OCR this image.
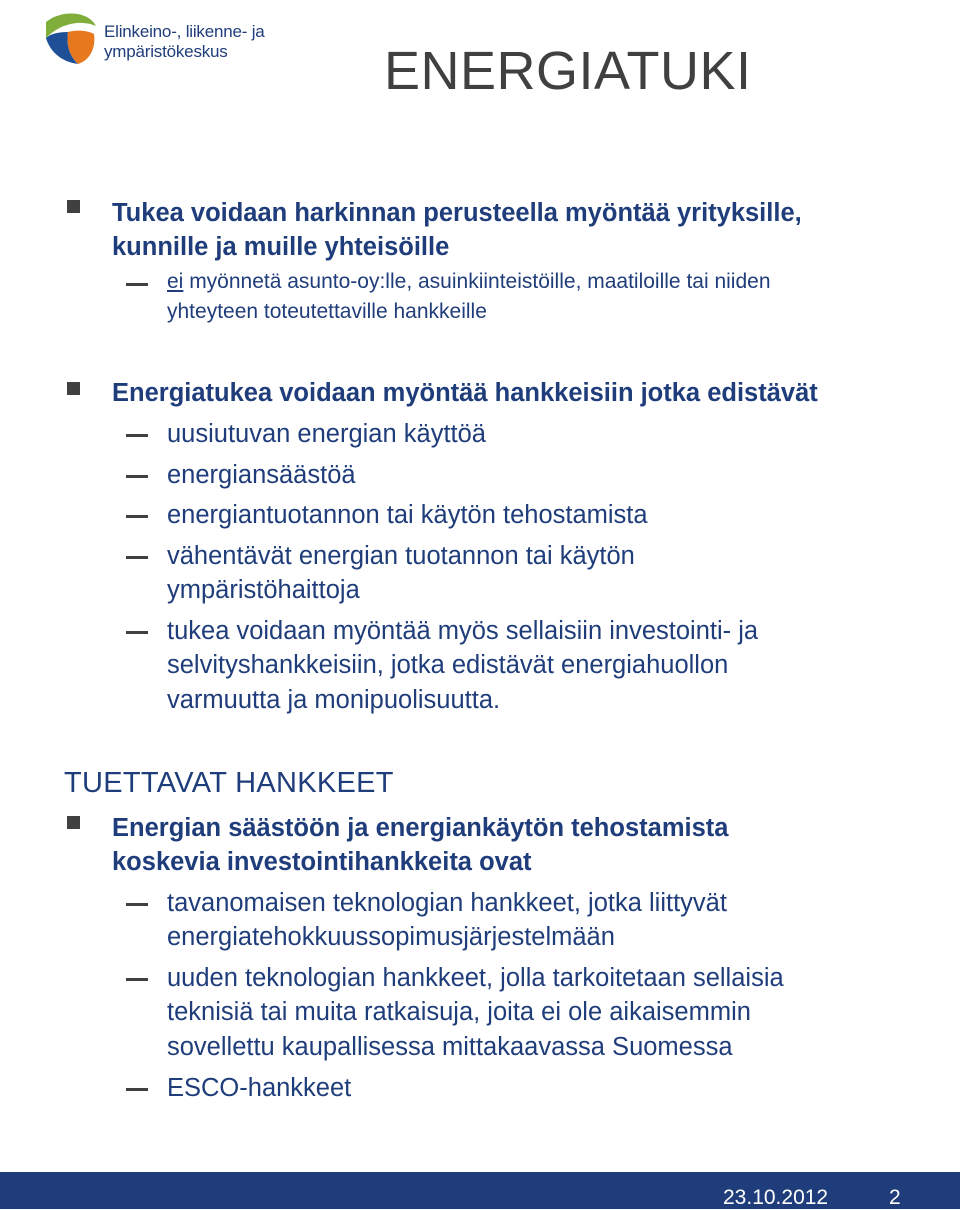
Elinkeino-, liikenne- ja
ympäristökeskus	ENERGIATUKI
Tukea voidaan harkinnan perusteella myöntää yrityksille,
kunnille ja muille yhteisöille
ei myönnetä asunto-oy:lle, asuinkiinteistöille, maatiloille tai niiden
yhteyteen toteutettaville hankkeille
Energiatukea voidaan myöntää hankkeisiin jotka edistävät
uusiutuvan energian käyttöä
energiansäästöä
energiantuotannon tai käytön tehostamista
vähentävät energian tuotannon tai käytön
ympäristöhaittoja
tukea voidaan myöntää myös sellaisiin investointi- ja
selvityshankkeisiin, jotka edistävät energiahuollon
varmuutta ja monipuolisuutta.
TUETTAVAT HANKKEET
Energian säästöön ja energiankäytön tehostamista
koskevia investointihankkeita ovat
tavanomaisen teknologian hankkeet, jotka liittyvät
energiatehokkuussopimusjärjestelmään
uuden teknologian hankkeet, jolla tarkoitetaan sellaisia
teknisiä tai muita ratkaisuja, joita ei ole aikaisemmin
sovellettu kaupallisessa mittakaavassa Suomessa
ESCO-hankkeet
23.10.2012	2
